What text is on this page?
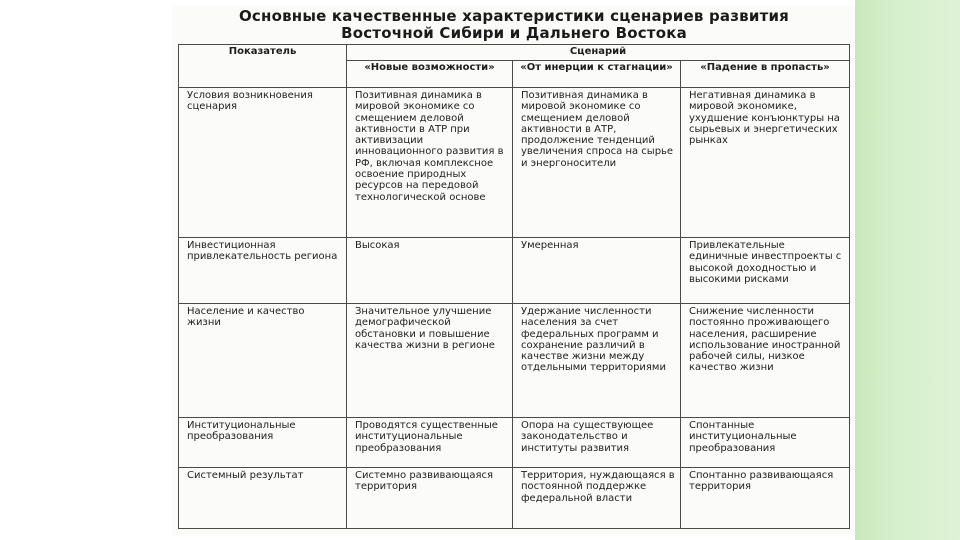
Основные качественные характеристики сценариев развития
Восточной Сибири и Дальнего Востока
Показатель	Сценарий		
	«Новые возможности»	«От инерции к стагнации»	«Падение в пропасть»
Условия возникновения сценария	Позитивная динамика в мировой экономике со смещением деловой активности в АТР при активизации инновационного развития в РФ, включая комплексное освоение природных ресурсов на передовой технологической основе	Позитивная динамика в мировой экономике со смещением деловой активности в АТР, продолжение тенденций увеличения спроса на сырье и энергоносители	Негативная динамика в мировой экономике, ухудшение конъюнктуры на сырьевых и энергетических рынках
Инвестиционная привлекательность региона	Высокая	Умеренная	Привлекательные единичные инвестпроекты с высокой доходностью и высокими рисками
Население и качество жизни	Значительное улучшение демографической обстановки и повышение качества жизни в регионе	Удержание численности населения за счет федеральных программ и сохранение различий в качестве жизни между отдельными территориями	Снижение численности постоянно проживающего населения, расширение использование иностранной рабочей силы, низкое качество жизни
Институциональные преобразования	Проводятся существенные институциональные преобразования	Опора на существующее законодательство и институты развития	Спонтанные институциональные преобразования
Системный результат	Системно развивающаяся территория	Территория, нуждающаяся в постоянной поддержке федеральной власти	Спонтанно развивающаяся территория
